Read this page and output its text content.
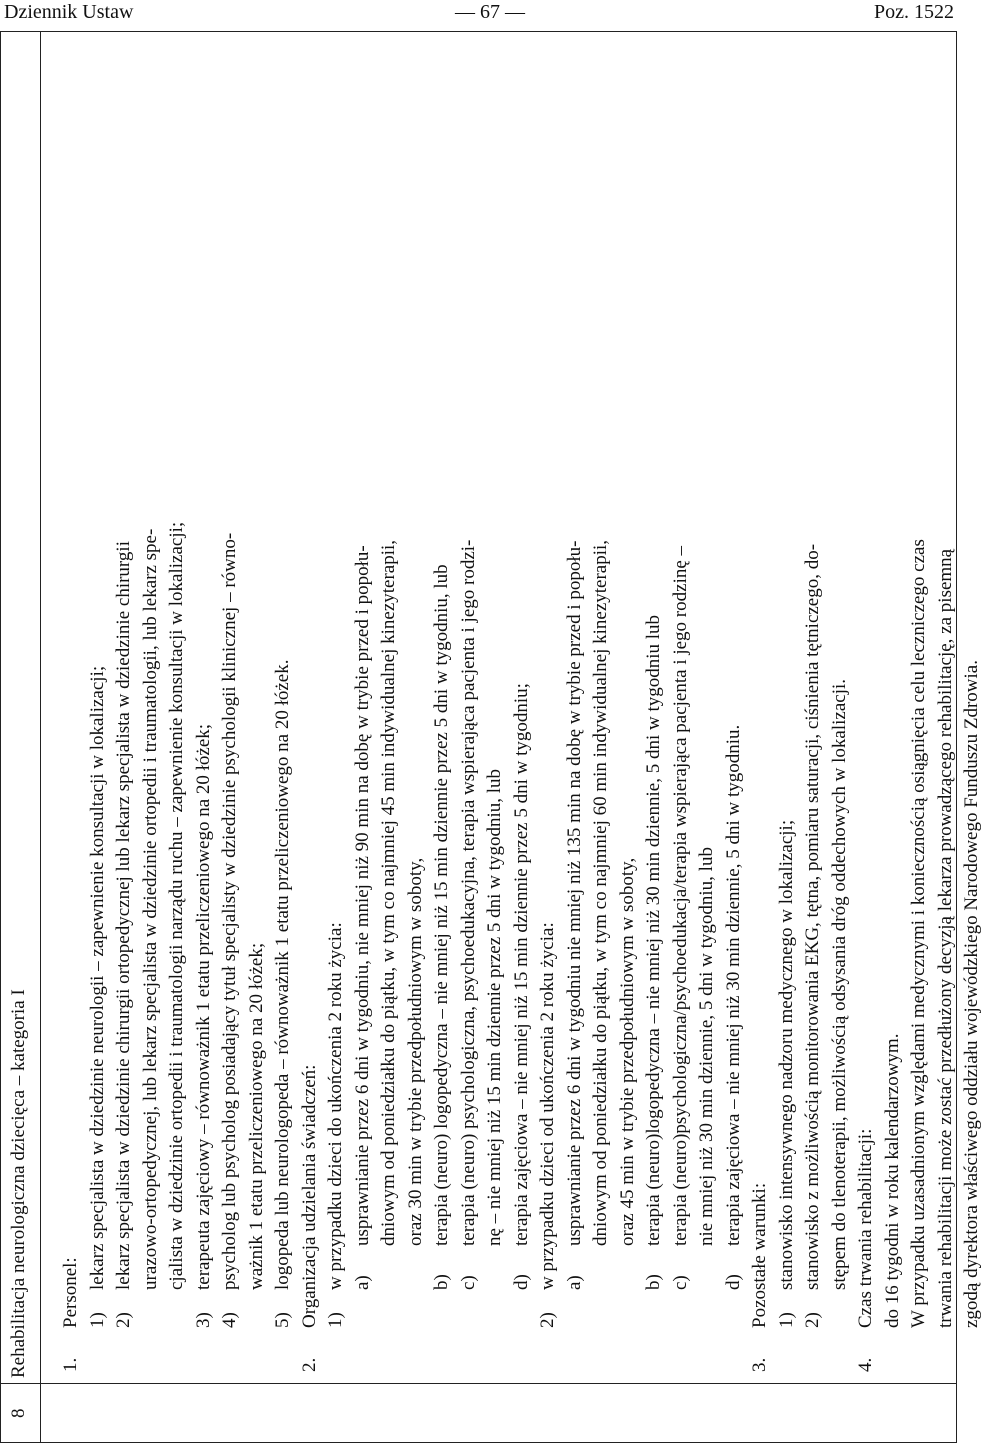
Dziennik Ustaw	— 67 —	Poz. 1522
8
Rehabilitacja neurologiczna dziecięca – kategoria I 1.
Personel: 1)
lekarz specjalista w dziedzinie neurologii – zapewnienie konsultacji w lokalizacji;
2)
lekarz specjalista w dziedzinie chirurgii ortopedycznej lub lekarz specjalista w dziedzinie chirurgii urazowo-ortopedycznej, lub lekarz specjalista w dziedzinie ortopedii i traumatologii, lub lekarz spe- cjalista w dziedzinie ortopedii i traumatologii narządu ruchu – zapewnienie konsultacji w lokalizacji;
3)
terapeuta zajęciowy – równoważnik 1 etatu przeliczeniowego na 20 łóżek;
4)
psycholog lub psycholog posiadający tytuł specjalisty w dziedzinie psychologii klinicznej – równo- ważnik 1 etatu przeliczeniowego na 20 łóżek;
5)
logopeda lub neurologopeda – równoważnik 1 etatu przeliczeniowego na 20 łóżek.
2.
Organizacja udzielania świadczeń: 1)
w przypadku dzieci do ukończenia 2 roku życia: a)
usprawnianie przez 6 dni w tygodniu, nie mniej niż 90 min na dobę w trybie przed i popołu- dniowym od poniedziałku do piątku, w tym co najmniej 45 min indywidualnej kinezyterapii, oraz 30 min w trybie przedpołudniowym w soboty,
b)
terapia (neuro) logopedyczna – nie mniej niż 15 min dziennie przez 5 dni w tygodniu, lub
c)
terapia (neuro) psychologiczna, psychoedukacyjna, terapia wspierająca pacjenta i jego rodzi- nę – nie mniej niż 15 min dziennie przez 5 dni w tygodniu, lub
d)
terapia zajęciowa – nie mniej niż 15 min dziennie przez 5 dni w tygodniu;
2)
w przypadku dzieci od ukończenia 2 roku życia: a)
usprawnianie przez 6 dni w tygodniu nie mniej niż 135 min na dobę w trybie przed i popołu- dniowym od poniedziałku do piątku, w tym co najmniej 60 min indywidualnej kinezyterapii, oraz 45 min w trybie przedpołudniowym w soboty,
b)
terapia (neuro)logopedyczna – nie mniej niż 30 min dziennie, 5 dni w tygodniu lub
c)
terapia (neuro)psychologiczna/psychoedukacja/terapia wspierająca pacjenta i jego rodzinę – nie mniej niż 30 min dziennie, 5 dni w tygodniu, lub
d)
terapia zajęciowa – nie mniej niż 30 min dziennie, 5 dni w tygodniu.
3.
Pozostałe warunki: 1)
stanowisko intensywnego nadzoru medycznego w lokalizacji;
2)
stanowisko z możliwością monitorowania EKG, tętna, pomiaru saturacji, ciśnienia tętniczego, do- stępem do tlenoterapii, możliwością odsysania dróg oddechowych w lokalizacji.
4.
Czas trwania rehabilitacji: do 16 tygodni w roku kalendarzowym. W przypadku uzasadnionym względami medycznymi i koniecznością osiągnięcia celu leczniczego czas trwania rehabilitacji może zostać przedłużony decyzją lekarza prowadzącego rehabilitację, za pisemną zgodą dyrektora właściwego oddziału wojewódzkiego Narodowego Funduszu Zdrowia.
